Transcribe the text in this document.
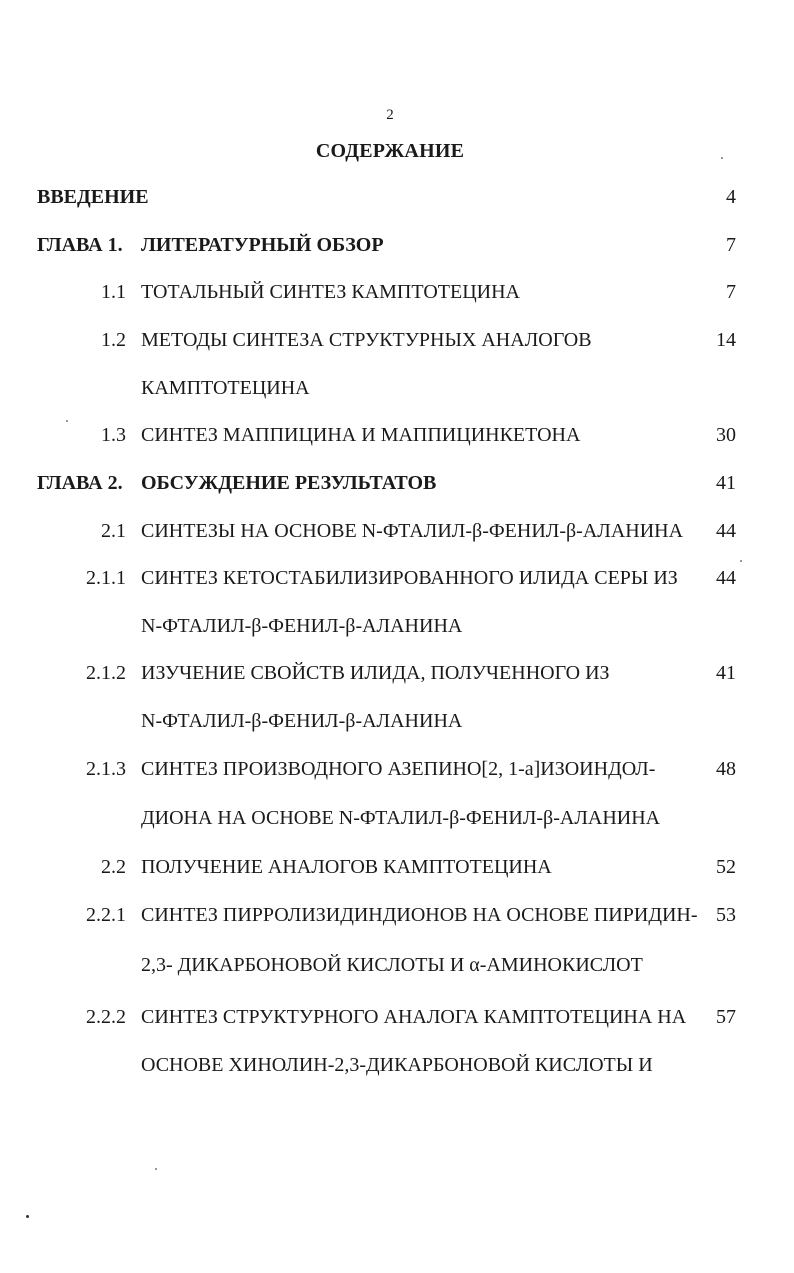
2
СОДЕРЖАНИЕ
ВВЕДЕНИЕ	4
ГЛАВА 1. ЛИТЕРАТУРНЫЙ ОБЗОР	7
1.1 ТОТАЛЬНЫЙ СИНТЕЗ КАМПТОТЕЦИНА	7
1.2 МЕТОДЫ СИНТЕЗА СТРУКТУРНЫХ АНАЛОГОВ	14
КАМПТОТЕЦИНА
1.3 СИНТЕЗ МАППИЦИНА И МАППИЦИНКЕТОНА	30
ГЛАВА 2. ОБСУЖДЕНИЕ РЕЗУЛЬТАТОВ	41
2.1 СИНТЕЗЫ НА ОСНОВЕ N-ФТАЛИЛ-β-ФЕНИЛ-β-АЛАНИНА 44
2.1.1 СИНТЕЗ КЕТОСТАБИЛИЗИРОВАННОГО ИЛИДА СЕРЫ ИЗ 44
N-ФТАЛИЛ-β-ФЕНИЛ-β-АЛАНИНА
2.1.2 ИЗУЧЕНИЕ СВОЙСТВ ИЛИДА, ПОЛУЧЕННОГО ИЗ	41
N-ФТАЛИЛ-β-ФЕНИЛ-β-АЛАНИНА
2.1.3 СИНТЕЗ ПРОИЗВОДНОГО АЗЕПИНО[2, 1-а]ИЗОИНДОЛ-	48
ДИОНА НА ОСНОВЕ N-ФТАЛИЛ-β-ФЕНИЛ-β-АЛАНИНА
2.2 ПОЛУЧЕНИЕ АНАЛОГОВ КАМПТОТЕЦИНА	52
2.2.1 СИНТЕЗ ПИРРОЛИЗИДИНДИОНОВ НА ОСНОВЕ ПИРИДИН- 53
2,3- ДИКАРБОНОВОЙ КИСЛОТЫ И α-АМИНОКИСЛОТ
2.2.2 СИНТЕЗ СТРУКТУРНОГО АНАЛОГА КАМПТОТЕЦИНА НА 57
ОСНОВЕ ХИНОЛИН-2,3-ДИКАРБОНОВОЙ КИСЛОТЫ И
